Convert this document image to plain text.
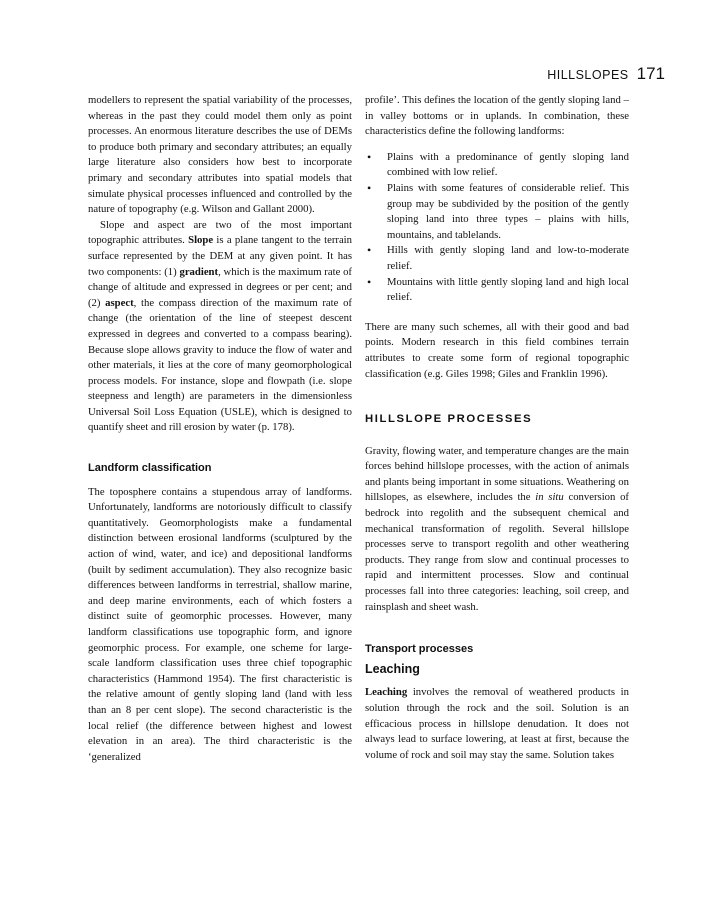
HILLSLOPES 171

modellers to represent the spatial variability of the processes, whereas in the past they could model them only as point processes. An enormous literature describes the use of DEMs to produce both primary and secondary attributes; an equally large literature also considers how best to incorporate primary and secondary attributes into spatial models that simulate physical processes influenced and controlled by the nature of topography (e.g. Wilson and Gallant 2000).

Slope and aspect are two of the most important topographic attributes. Slope is a plane tangent to the terrain surface represented by the DEM at any given point. It has two components: (1) gradient, which is the maximum rate of change of altitude and expressed in degrees or per cent; and (2) aspect, the compass direction of the maximum rate of change (the orientation of the line of steepest descent expressed in degrees and converted to a compass bearing). Because slope allows gravity to induce the flow of water and other materials, it lies at the core of many geomorphological process models. For instance, slope and flowpath (i.e. slope steepness and length) are parameters in the dimensionless Universal Soil Loss Equation (USLE), which is designed to quantify sheet and rill erosion by water (p. 178).

Landform classification

The toposphere contains a stupendous array of landforms. Unfortunately, landforms are notoriously difficult to classify quantitatively. Geomorphologists make a fundamental distinction between erosional landforms (sculptured by the action of wind, water, and ice) and depositional landforms (built by sediment accumulation). They also recognize basic differences between landforms in terrestrial, shallow marine, and deep marine environments, each of which fosters a distinct suite of geomorphic processes. However, many landform classifications use topographic form, and ignore geomorphic process. For example, one scheme for large-scale landform classification uses three chief topographic characteristics (Hammond 1954). The first characteristic is the relative amount of gently sloping land (land with less than an 8 per cent slope). The second characteristic is the local relief (the difference between highest and lowest elevation in an area). The third characteristic is the ‘generalized

profile’. This defines the location of the gently sloping land – in valley bottoms or in uplands. In combination, these characteristics define the following landforms:

• Plains with a predominance of gently sloping land combined with low relief.
• Plains with some features of considerable relief. This group may be subdivided by the position of the gently sloping land into three types – plains with hills, mountains, and tablelands.
• Hills with gently sloping land and low-to-moderate relief.
• Mountains with little gently sloping land and high local relief.

There are many such schemes, all with their good and bad points. Modern research in this field combines terrain attributes to create some form of regional topographic classification (e.g. Giles 1998; Giles and Franklin 1996).

HILLSLOPE PROCESSES

Gravity, flowing water, and temperature changes are the main forces behind hillslope processes, with the action of animals and plants being important in some situations. Weathering on hillslopes, as elsewhere, includes the in situ conversion of bedrock into regolith and the subsequent chemical and mechanical transformation of regolith. Several hillslope processes serve to transport regolith and other weathering products. They range from slow and continual processes to rapid and intermittent processes. Slow and continual processes fall into three categories: leaching, soil creep, and rainsplash and sheet wash.

Transport processes
Leaching

Leaching involves the removal of weathered products in solution through the rock and the soil. Solution is an efficacious process in hillslope denudation. It does not always lead to surface lowering, at least at first, because the volume of rock and soil may stay the same. Solution takes
